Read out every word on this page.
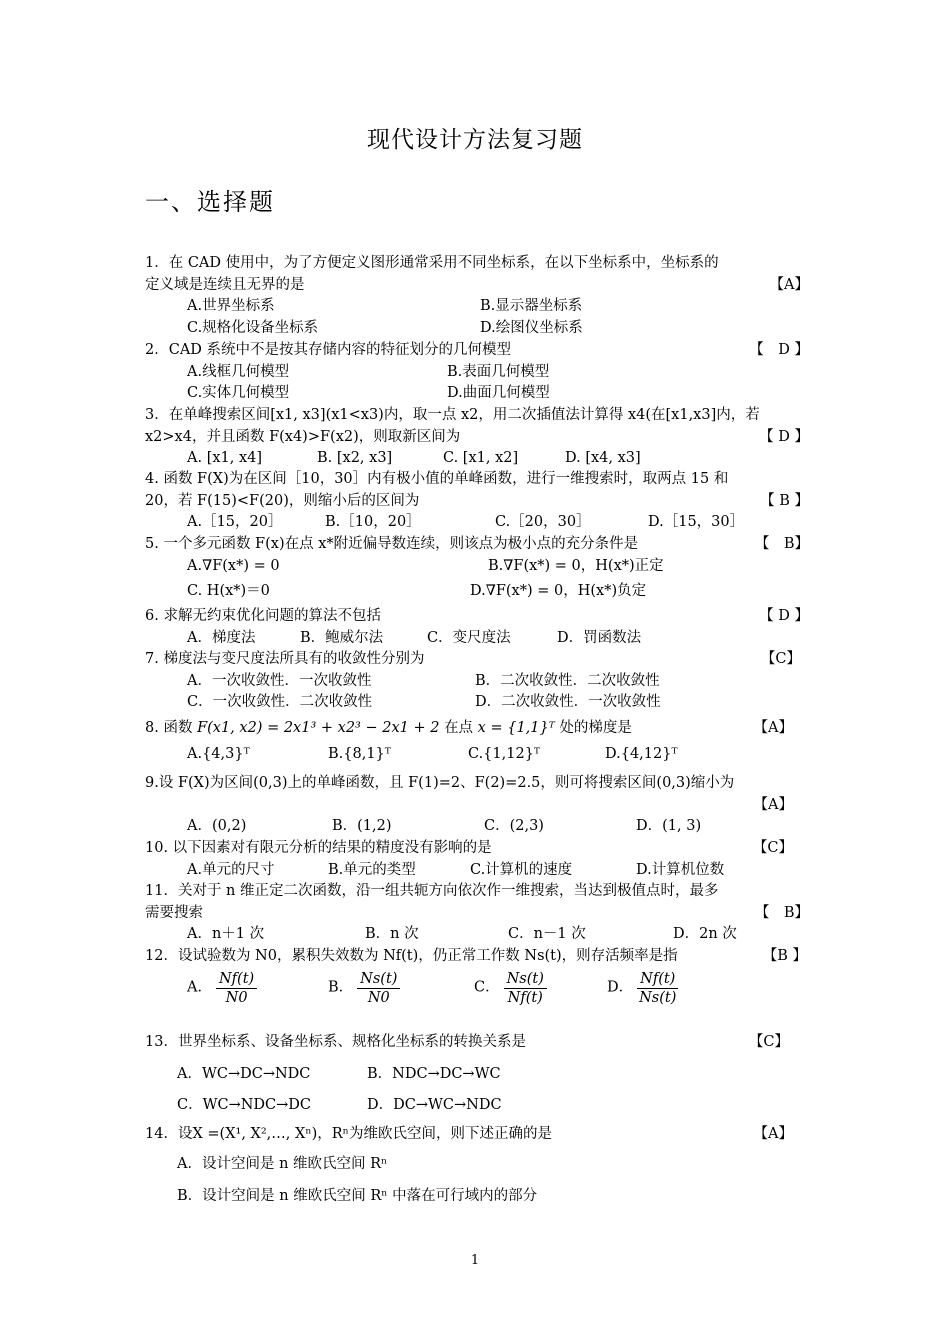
现代设计方法复习题
一、选择题
1．在 CAD 使用中，为了方便定义图形通常采用不同坐标系，在以下坐标系中，坐标系的
定义域是连续且无界的是	【A】
A.世界坐标系	B.显示器坐标系
C.规格化设备坐标系	D.绘图仪坐标系
2．CAD 系统中不是按其存储内容的特征划分的几何模型	【　D 】
A.线框几何模型	B.表面几何模型
C.实体几何模型	D.曲面几何模型
3．在单峰搜索区间[x1, x3](x1<x3)内，取一点 x2，用二次插值法计算得 x4(在[x1,x3]内，若
x2>x4，并且函数 F(x4)>F(x2)，则取新区间为	【 D 】
A. [x1, x4]	B. [x2, x3]	C. [x1, x2]	D. [x4, x3]
4. 函数 F(X)为在区间［10，30］内有极小值的单峰函数，进行一维搜索时，取两点 15 和
20，若 F(15)<F(20)，则缩小后的区间为	【 B 】
A.［15，20］	B.［10，20］	C.［20，30］	D.［15，30］
5. 一个多元函数 F(x)在点 x*附近偏导数连续，则该点为极小点的充分条件是	【　B】
A.∇F(x*) = 0	B.∇F(x*) = 0，H(x*)正定
C. H(x*)＝0	D.∇F(x*) = 0，H(x*)负定
6. 求解无约束优化问题的算法不包括	【 D 】
A．梯度法	B．鲍威尔法	C．变尺度法	D．罚函数法
7. 梯度法与变尺度法所具有的收敛性分别为	【C】
A．一次收敛性．一次收敛性	B．二次收敛性．二次收敛性
C．一次收敛性．二次收敛性	D．二次收敛性．一次收敛性
8. 函数 F(x1, x2) = 2x1³ + x2³ − 2x1 + 2 在点 x = {1,1}ᵀ 处的梯度是	【A】
A.{4,3}ᵀ	B.{8,1}ᵀ	C.{1,12}ᵀ	D.{4,12}ᵀ
9.设 F(X)为区间(0,3)上的单峰函数，且 F(1)=2、F(2)=2.5，则可将搜索区间(0,3)缩小为
【A】
A．(0,2)	B．(1,2)	C．(2,3)	D．(1, 3)
10. 以下因素对有限元分析的结果的精度没有影响的是	【C】
A.单元的尺寸	B.单元的类型	C.计算机的速度	D.计算机位数
11．关对于 n 维正定二次函数，沿一组共轭方向依次作一维搜索，当达到极值点时，最多
需要搜索	【　B】
A．n＋1 次	B．n 次	C．n－1 次	D．2n 次
12．设试验数为 N0，累积失效数为 Nf(t)，仍正常工作数 Ns(t)，则存活频率是指	【B 】
A． $\frac{Nf(t)}{N0}$	B． $\frac{Ns(t)}{N0}$	C． $\frac{Ns(t)}{Nf(t)}$	D． $\frac{Nf(t)}{Ns(t)}$
13．世界坐标系、设备坐标系、规格化坐标系的转换关系是	【C】
A．WC→DC→NDC	B．NDC→DC→WC
C．WC→NDC→DC	D．DC→WC→NDC
14．设X =(X¹, X²,…, Xⁿ)，Rⁿ为维欧氏空间，则下述正确的是	【A】
A．设计空间是 n 维欧氏空间 Rⁿ
B．设计空间是 n 维欧氏空间 Rⁿ 中落在可行域内的部分
1
